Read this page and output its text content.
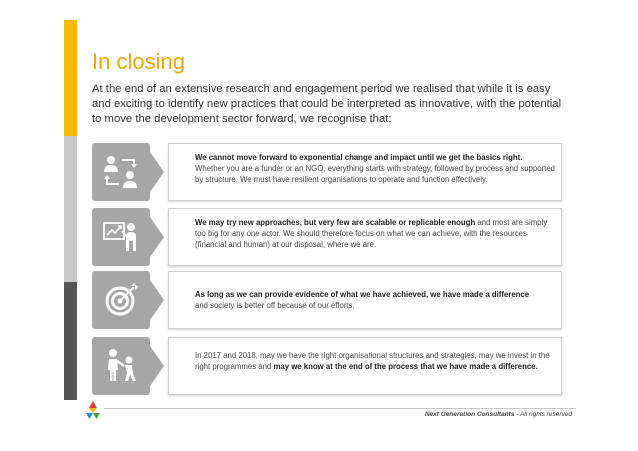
In closing
At the end of an extensive research and engagement period we realised that while it is easy and exciting to identify new practices that could be interpreted as innovative, with the potential to move the development sector forward, we recognise that:
We cannot move forward to exponential change and impact until we get the basics right.
Whether you are a funder or an NGO, everything starts with strategy, followed by process and supported by structure. We must have resilient organisations to operate and function effectively.
We may try new approaches, but very few are scalable or replicable enough and most are simply too big for any one actor. We should therefore focus on what we can achieve, with the resources (financial and human) at our disposal, where we are.
As long as we can provide evidence of what we have achieved, we have made a difference
and society is better off because of our efforts.
In 2017 and 2018, may we have the right organisational structures and strategies, may we invest in the right programmes and may we know at the end of the process that we have made a difference.
Next Generation Consultants - All rights reserved
